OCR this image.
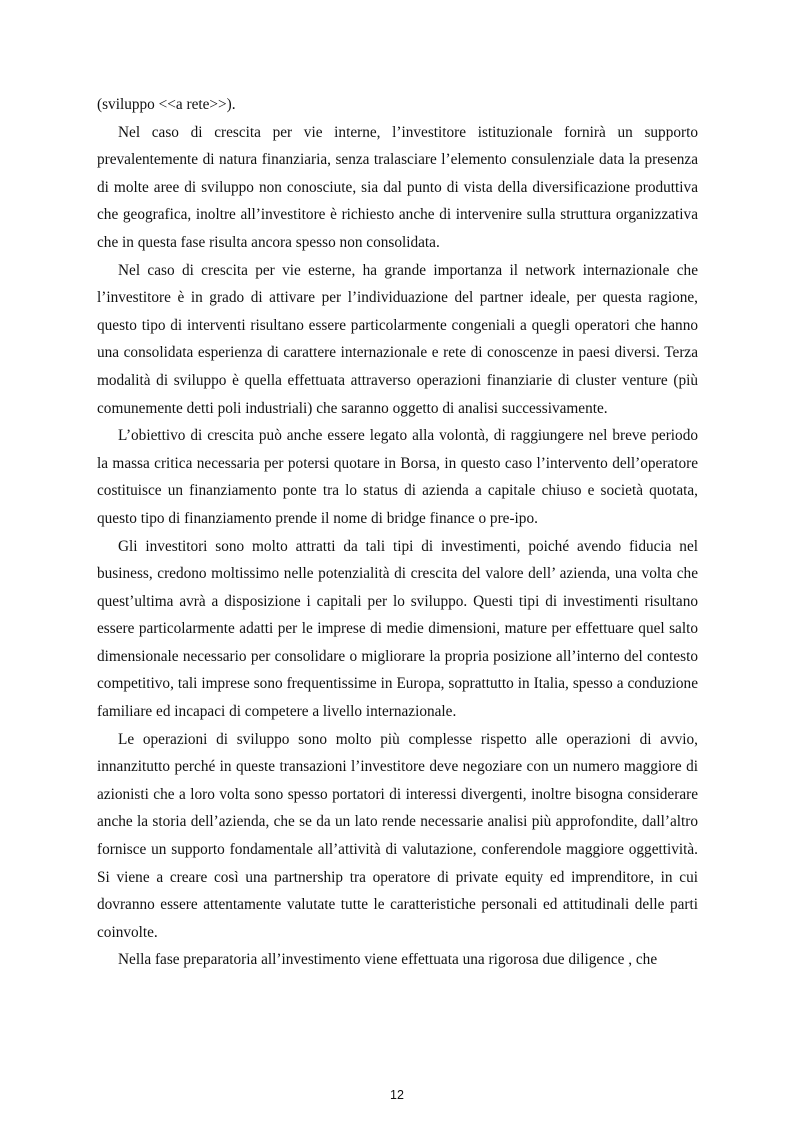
(sviluppo <<a rete>>).

Nel caso di crescita per vie interne, l’investitore istituzionale fornirà un supporto prevalentemente di natura finanziaria, senza tralasciare l’elemento consulenziale data la presenza di molte aree di sviluppo non conosciute, sia dal punto di vista della diversificazione produttiva che geografica, inoltre all’investitore è richiesto anche di intervenire sulla struttura organizzativa che in questa fase risulta ancora spesso non consolidata.

Nel caso di crescita per vie esterne, ha grande importanza il network internazionale che l’investitore è in grado di attivare per l’individuazione del partner ideale, per questa ragione, questo tipo di interventi risultano essere particolarmente congeniali a quegli operatori che hanno una consolidata esperienza di carattere internazionale e rete di conoscenze in paesi diversi. Terza modalità di sviluppo è quella effettuata attraverso operazioni finanziarie di cluster venture (più comunemente detti poli industriali) che saranno oggetto di analisi successivamente.

L’obiettivo di crescita può anche essere legato alla volontà, di raggiungere nel breve periodo la massa critica necessaria per potersi quotare in Borsa, in questo caso l’intervento dell’operatore costituisce un finanziamento ponte tra lo status di azienda a capitale chiuso e società quotata, questo tipo di finanziamento prende il nome di bridge finance o pre-ipo.

Gli investitori sono molto attratti da tali tipi di investimenti, poiché avendo fiducia nel business, credono moltissimo nelle potenzialità di crescita del valore dell’ azienda, una volta che quest’ultima avrà a disposizione i capitali per lo sviluppo. Questi tipi di investimenti risultano essere particolarmente adatti per le imprese di medie dimensioni, mature per effettuare quel salto dimensionale necessario per consolidare o migliorare la propria posizione all’interno del contesto competitivo, tali imprese sono frequentissime in Europa, soprattutto in Italia, spesso a conduzione familiare ed incapaci di competere a livello internazionale.

Le operazioni di sviluppo sono molto più complesse rispetto alle operazioni di avvio, innanzitutto perché in queste transazioni l’investitore deve negoziare con un numero maggiore di azionisti che a loro volta sono spesso portatori di interessi divergenti, inoltre bisogna considerare anche la storia dell’azienda, che se da un lato rende necessarie analisi più approfondite, dall’altro fornisce un supporto fondamentale all’attività di valutazione, conferendole maggiore oggettività. Si viene a creare così una partnership tra operatore di private equity ed imprenditore, in cui dovranno essere attentamente valutate tutte le caratteristiche personali ed attitudinali delle parti coinvolte.

Nella fase preparatoria all’investimento viene effettuata una rigorosa due diligence , che

12
